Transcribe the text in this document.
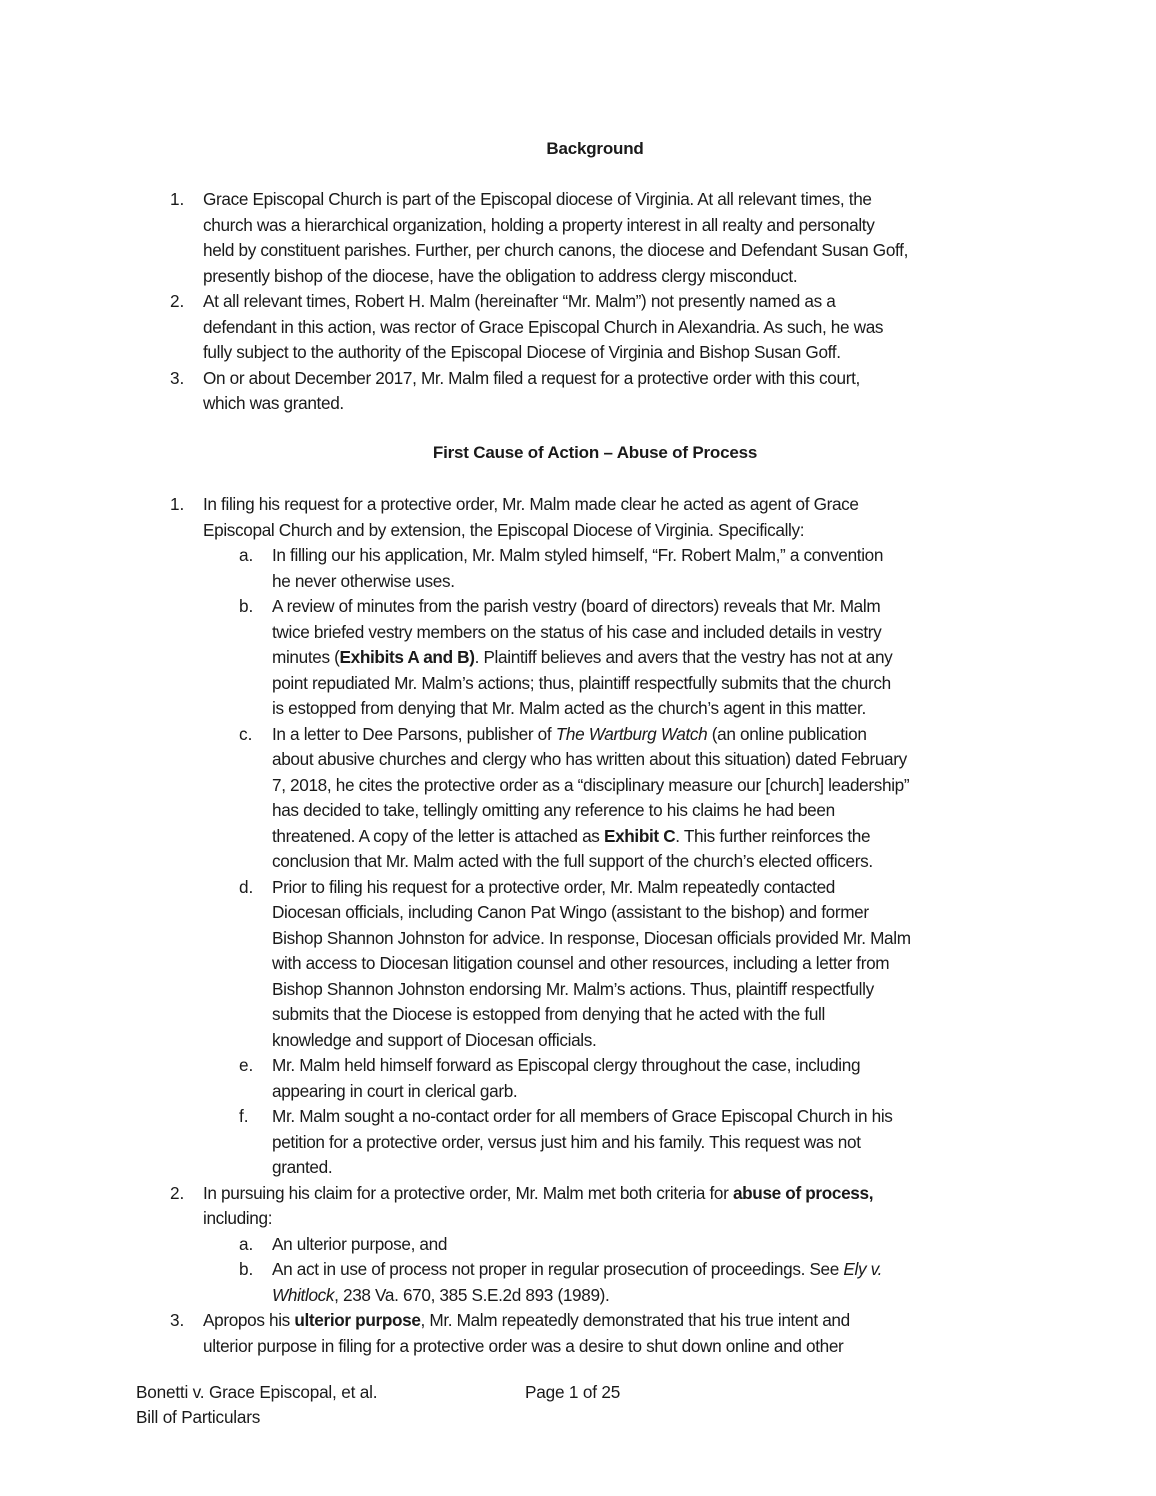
Background
1. Grace Episcopal Church is part of the Episcopal diocese of Virginia. At all relevant times, the
church was a hierarchical organization, holding a property interest in all realty and personalty
held by constituent parishes. Further, per church canons, the diocese and Defendant Susan Goff,
presently bishop of the diocese, have the obligation to address clergy misconduct.
2. At all relevant times, Robert H. Malm (hereinafter “Mr. Malm”) not presently named as a
defendant in this action, was rector of Grace Episcopal Church in Alexandria. As such, he was
fully subject to the authority of the Episcopal Diocese of Virginia and Bishop Susan Goff.
3. On or about December 2017, Mr. Malm filed a request for a protective order with this court,
which was granted.
First Cause of Action – Abuse of Process
1. In filing his request for a protective order, Mr. Malm made clear he acted as agent of Grace
Episcopal Church and by extension, the Episcopal Diocese of Virginia. Specifically:
a. In filling our his application, Mr. Malm styled himself, “Fr. Robert Malm,” a convention
he never otherwise uses.
b. A review of minutes from the parish vestry (board of directors) reveals that Mr. Malm
twice briefed vestry members on the status of his case and included details in vestry
minutes (Exhibits A and B). Plaintiff believes and avers that the vestry has not at any
point repudiated Mr. Malm’s actions; thus, plaintiff respectfully submits that the church
is estopped from denying that Mr. Malm acted as the church’s agent in this matter.
c. In a letter to Dee Parsons, publisher of The Wartburg Watch (an online publication
about abusive churches and clergy who has written about this situation) dated February
7, 2018, he cites the protective order as a “disciplinary measure our [church] leadership”
has decided to take, tellingly omitting any reference to his claims he had been
threatened. A copy of the letter is attached as Exhibit C. This further reinforces the
conclusion that Mr. Malm acted with the full support of the church’s elected officers.
d. Prior to filing his request for a protective order, Mr. Malm repeatedly contacted
Diocesan officials, including Canon Pat Wingo (assistant to the bishop) and former
Bishop Shannon Johnston for advice. In response, Diocesan officials provided Mr. Malm
with access to Diocesan litigation counsel and other resources, including a letter from
Bishop Shannon Johnston endorsing Mr. Malm’s actions. Thus, plaintiff respectfully
submits that the Diocese is estopped from denying that he acted with the full
knowledge and support of Diocesan officials.
e. Mr. Malm held himself forward as Episcopal clergy throughout the case, including
appearing in court in clerical garb.
f. Mr. Malm sought a no-contact order for all members of Grace Episcopal Church in his
petition for a protective order, versus just him and his family. This request was not
granted.
2. In pursuing his claim for a protective order, Mr. Malm met both criteria for abuse of process,
including:
a. An ulterior purpose, and
b. An act in use of process not proper in regular prosecution of proceedings. See Ely v.
Whitlock, 238 Va. 670, 385 S.E.2d 893 (1989).
3. Apropos his ulterior purpose, Mr. Malm repeatedly demonstrated that his true intent and
ulterior purpose in filing for a protective order was a desire to shut down online and other
Bonetti v. Grace Episcopal, et al.	Page 1 of 25
Bill of Particulars
